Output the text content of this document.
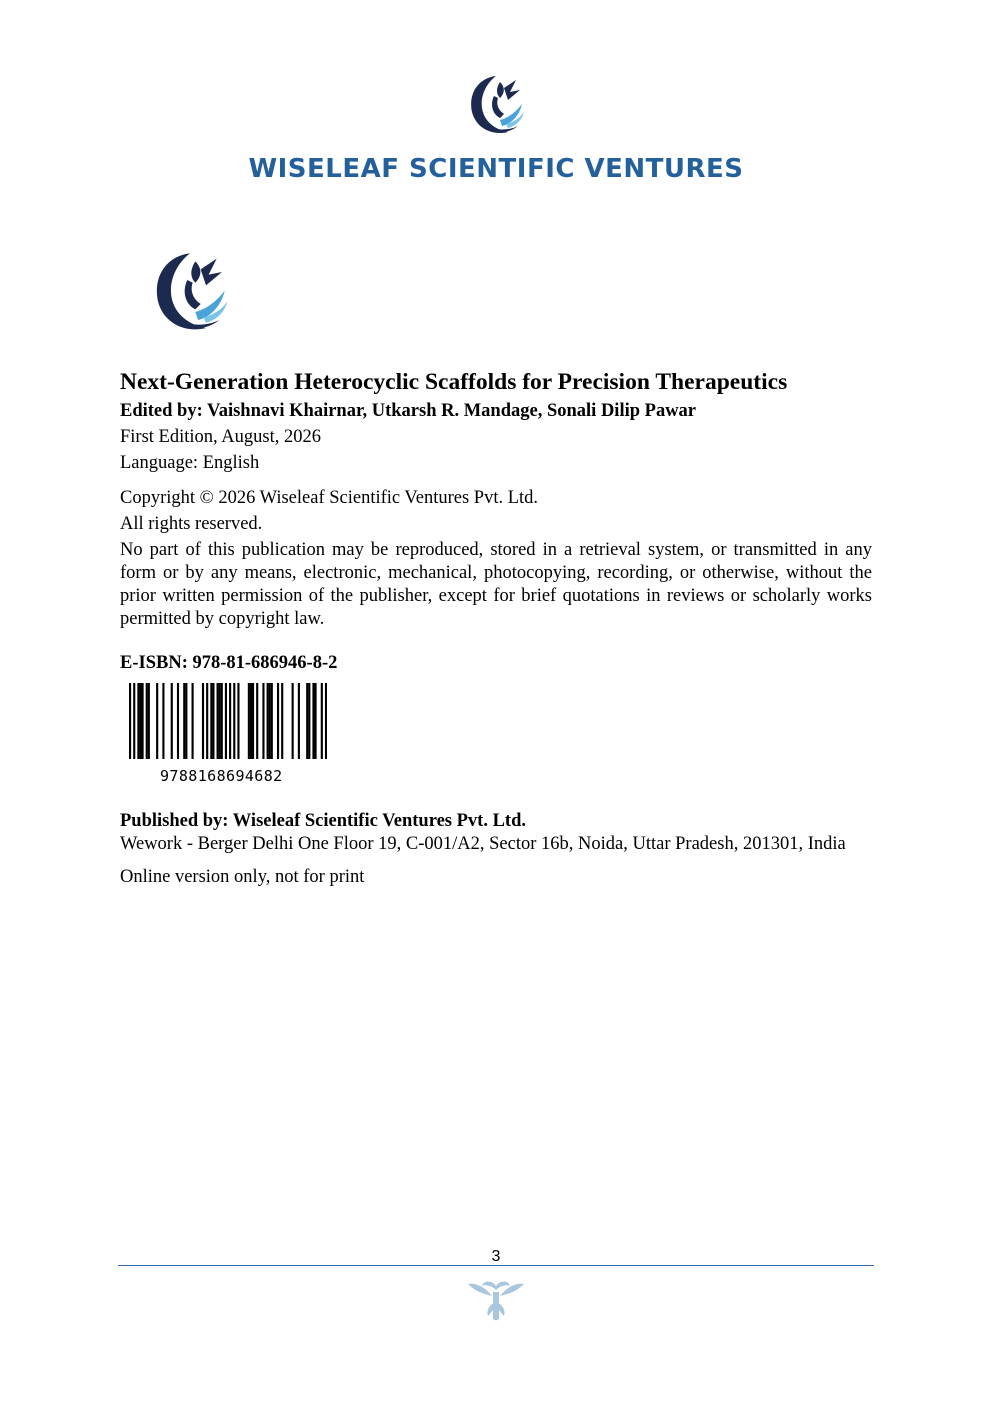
WISELEAF SCIENTIFIC VENTURES
Next-Generation Heterocyclic Scaffolds for Precision Therapeutics
Edited by: Vaishnavi Khairnar, Utkarsh R. Mandage, Sonali Dilip Pawar
First Edition, August, 2026
Language: English
Copyright © 2026 Wiseleaf Scientific Ventures Pvt. Ltd.
All rights reserved.

No part of this publication may be reproduced, stored in a retrieval system, or transmitted in any form or by any means, electronic, mechanical, photocopying, recording, or otherwise, without the prior written permission of the publisher, except for brief quotations in reviews or scholarly works permitted by copyright law.

E-ISBN: 978-81-686946-8-2
9788168694682
Published by: Wiseleaf Scientific Ventures Pvt. Ltd.
Wework - Berger Delhi One Floor 19, C-001/A2, Sector 16b, Noida, Uttar Pradesh, 201301, India
Online version only, not for print
3
